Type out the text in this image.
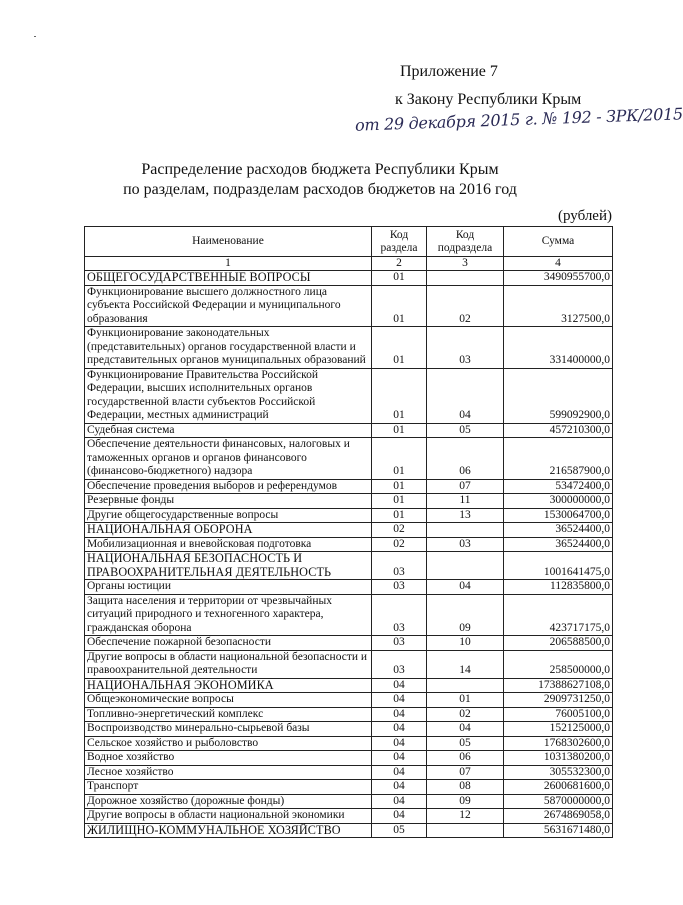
Приложение 7
к Закону Республики Крым
от 29 декабря 2015 г. № 192 - ЗРК/2015
Распределение расходов бюджета Республики Крым
по разделам, подразделам расходов бюджетов на 2016 год
(рублей)
Наименование	Код раздела	Код подраздела	Сумма
1	2	3	4
ОБЩЕГОСУДАРСТВЕННЫЕ ВОПРОСЫ	01		3490955700,0
Функционирование высшего должностного лица субъекта Российской Федерации и муниципального образования	01	02	3127500,0
Функционирование законодательных (представительных) органов государственной власти и представительных органов муниципальных образований	01	03	331400000,0
Функционирование Правительства Российской Федерации, высших исполнительных органов государственной власти субъектов Российской Федерации, местных администраций	01	04	599092900,0
Судебная система	01	05	457210300,0
Обеспечение деятельности финансовых, налоговых и таможенных органов и органов финансового (финансово-бюджетного) надзора	01	06	216587900,0
Обеспечение проведения выборов и референдумов	01	07	53472400,0
Резервные фонды	01	11	300000000,0
Другие общегосударственные вопросы	01	13	1530064700,0
НАЦИОНАЛЬНАЯ ОБОРОНА	02		36524400,0
Мобилизационная и вневойсковая подготовка	02	03	36524400,0
НАЦИОНАЛЬНАЯ БЕЗОПАСНОСТЬ И ПРАВООХРАНИТЕЛЬНАЯ ДЕЯТЕЛЬНОСТЬ	03		1001641475,0
Органы юстиции	03	04	112835800,0
Защита населения и территории от чрезвычайных ситуаций природного и техногенного характера, гражданская оборона	03	09	423717175,0
Обеспечение пожарной безопасности	03	10	206588500,0
Другие вопросы в области национальной безопасности и правоохранительной деятельности	03	14	258500000,0
НАЦИОНАЛЬНАЯ ЭКОНОМИКА	04		17388627108,0
Общеэкономические вопросы	04	01	2909731250,0
Топливно-энергетический комплекс	04	02	76005100,0
Воспроизводство минерально-сырьевой базы	04	04	152125000,0
Сельское хозяйство и рыболовство	04	05	1768302600,0
Водное хозяйство	04	06	1031380200,0
Лесное хозяйство	04	07	305532300,0
Транспорт	04	08	2600681600,0
Дорожное хозяйство (дорожные фонды)	04	09	5870000000,0
Другие вопросы в области национальной экономики	04	12	2674869058,0
ЖИЛИЩНО-КОММУНАЛЬНОЕ ХОЗЯЙСТВО	05		5631671480,0
